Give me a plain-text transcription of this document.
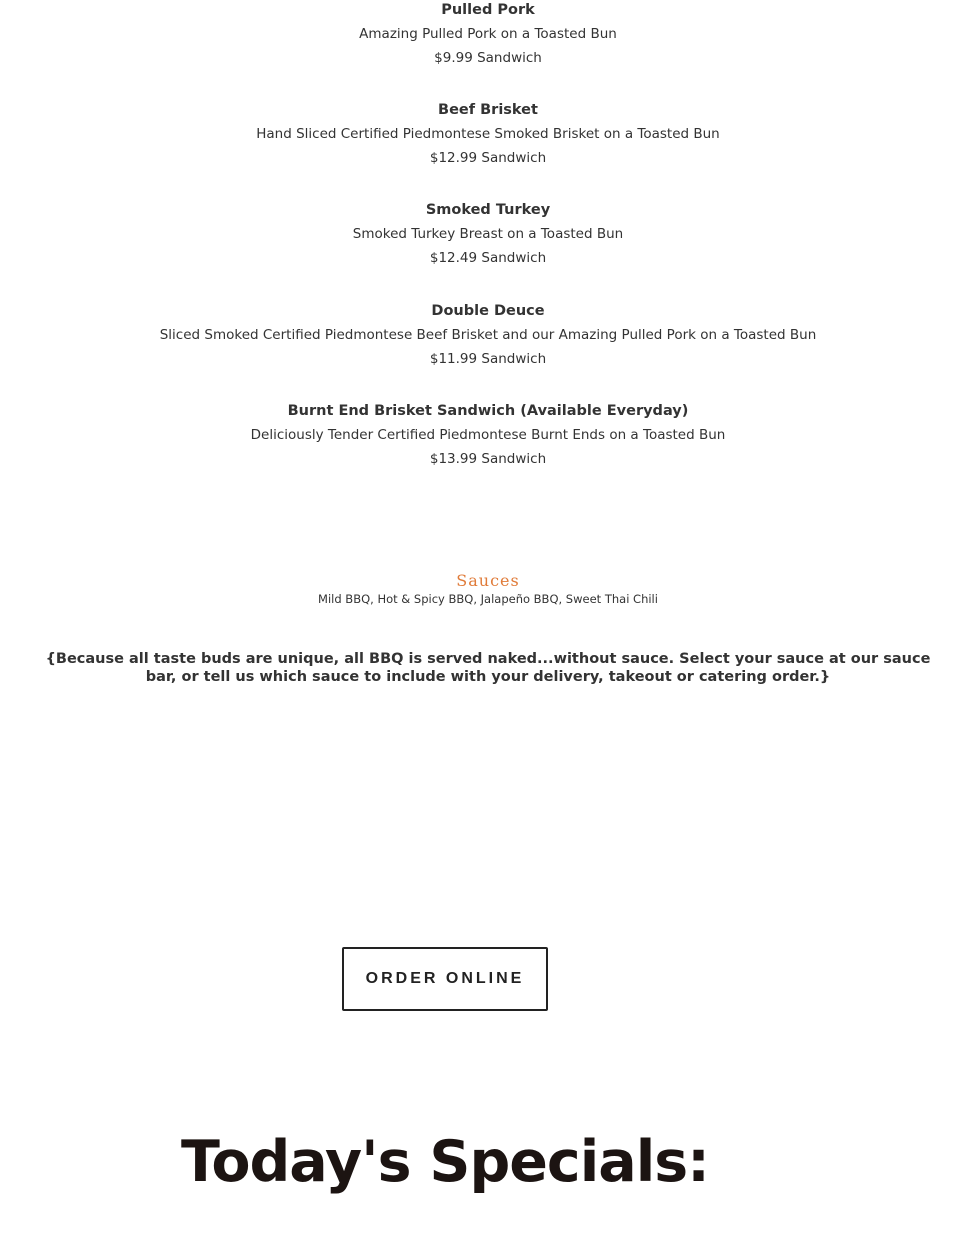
Pulled Pork
Amazing Pulled Pork on a Toasted Bun
$9.99 Sandwich
Beef Brisket
Hand Sliced Certified Piedmontese Smoked Brisket on a Toasted Bun
$12.99 Sandwich
Smoked Turkey
Smoked Turkey Breast on a Toasted Bun
$12.49 Sandwich
Double Deuce
Sliced Smoked Certified Piedmontese Beef Brisket and our Amazing Pulled Pork on a Toasted Bun
$11.99 Sandwich
Burnt End Brisket Sandwich (Available Everyday)
Deliciously Tender Certified Piedmontese Burnt Ends on a Toasted Bun
$13.99 Sandwich
Sauces
Mild BBQ, Hot & Spicy BBQ, Jalapeño BBQ, Sweet Thai Chili
{Because all taste buds are unique, all BBQ is served naked...without sauce. Select your sauce at our sauce bar, or tell us which sauce to include with your delivery, takeout or catering order.}
ORDER ONLINE
Today's Specials:
